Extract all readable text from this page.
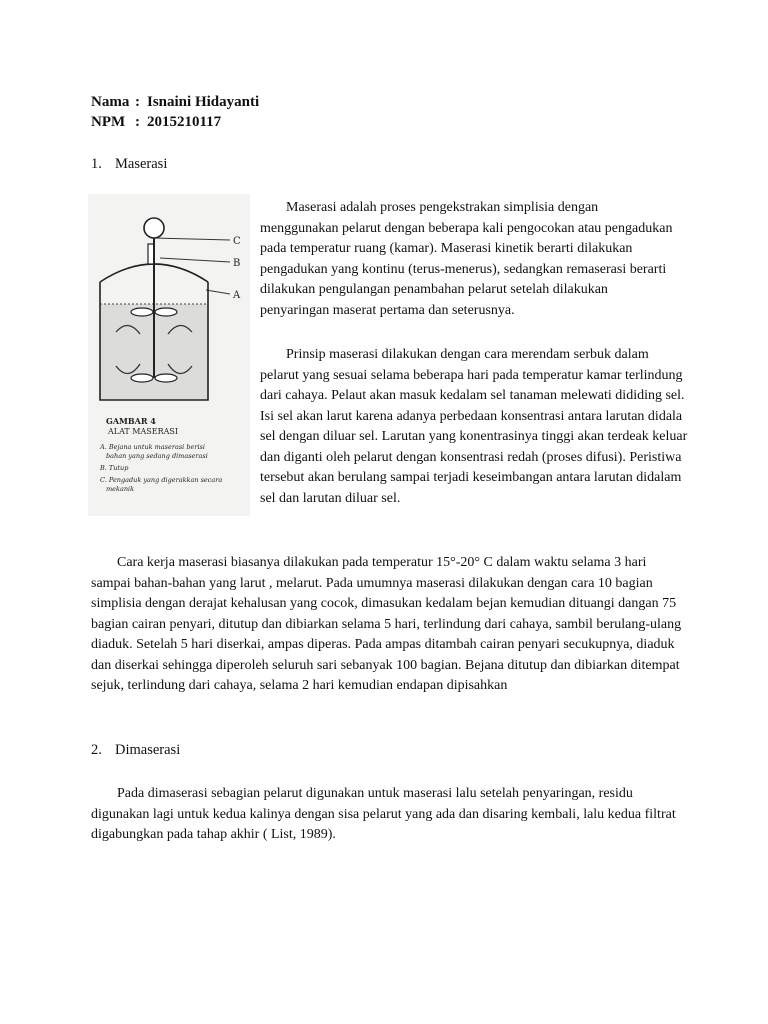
Nama : Isnaini Hidayanti
NPM : 2015210117
1. Maserasi
C
B
A
GAMBAR 4
ALAT MASERASI
A. Bejana untuk maserasi berisi
bahan yang sedang dimaserasi
B. Tutup
C. Pengaduk yang digerakkan secara
mekanik

Maserasi adalah proses pengekstrakan simplisia dengan menggunakan pelarut dengan beberapa kali pengocokan atau pengadukan pada temperatur ruang (kamar). Maserasi kinetik berarti dilakukan pengadukan yang kontinu (terus-menerus), sedangkan remaserasi berarti dilakukan pengulangan penambahan pelarut setelah dilakukan penyaringan maserat pertama dan seterusnya.

Prinsip maserasi dilakukan dengan cara merendam serbuk dalam pelarut yang sesuai selama beberapa hari pada temperatur kamar terlindung dari cahaya. Pelaut akan masuk kedalam sel tanaman melewati dididing sel. Isi sel akan larut karena adanya perbedaan konsentrasi antara larutan didala sel dengan diluar sel. Larutan yang konentrasinya tinggi akan terdeak keluar dan diganti oleh pelarut dengan konsentrasi redah (proses difusi). Peristiwa tersebut akan berulang sampai terjadi keseimbangan antara larutan didalam sel dan larutan diluar sel.

Cara kerja maserasi biasanya dilakukan pada temperatur 15°-20° C dalam waktu selama 3 hari sampai bahan-bahan yang larut , melarut. Pada umumnya maserasi dilakukan dengan cara 10 bagian simplisia dengan derajat kehalusan yang cocok, dimasukan kedalam bejan kemudian dituangi dangan 75 bagian cairan penyari, ditutup dan dibiarkan selama 5 hari, terlindung dari cahaya, sambil berulang-ulang diaduk. Setelah 5 hari diserkai, ampas diperas. Pada ampas ditambah cairan penyari secukupnya, diaduk dan diserkai sehingga diperoleh seluruh sari sebanyak 100 bagian. Bejana ditutup dan dibiarkan ditempat sejuk, terlindung dari cahaya, selama 2 hari kemudian endapan dipisahkan

2. Dimaserasi

Pada dimaserasi sebagian pelarut digunakan untuk maserasi lalu setelah penyaringan, residu digunakan lagi untuk kedua kalinya dengan sisa pelarut yang ada dan disaring kembali, lalu kedua filtrat digabungkan pada tahap akhir ( List, 1989).
